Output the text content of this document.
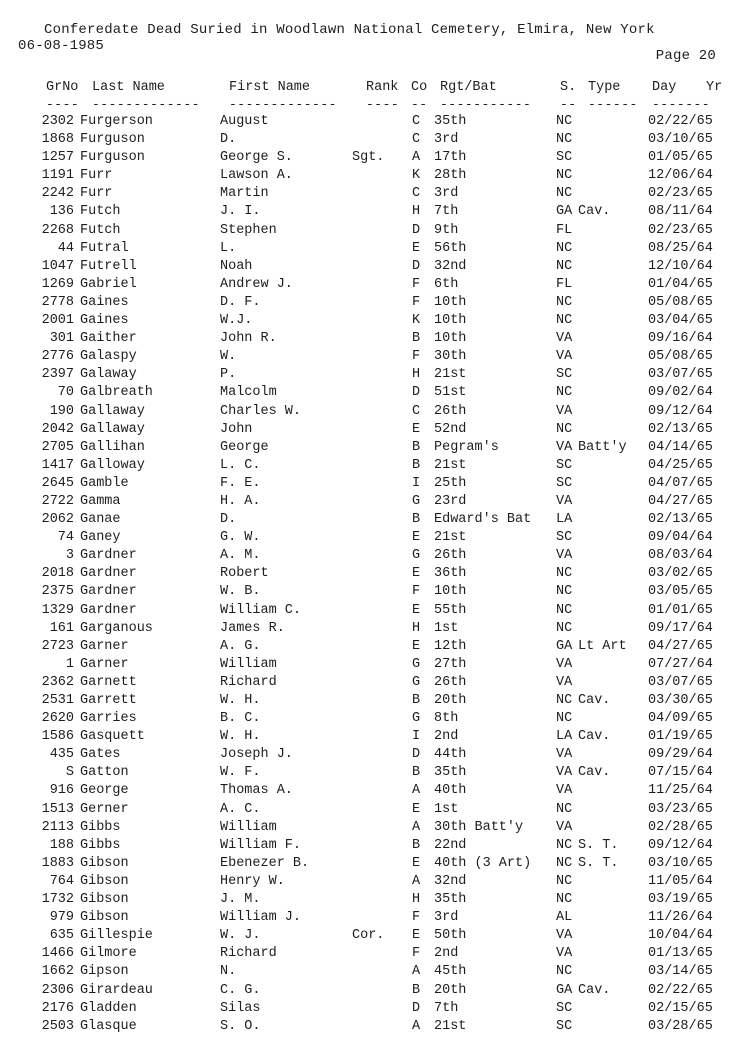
Conferedate Dead Suried in Woodlawn National Cemetery, Elmira, New York
06-08-1985
Page 20
GrNo Last Name	First Name	Rank Co Rgt/Bat	S. Type Day Yr
---- ------------- ------------- ---- -- ----------- -- ------ -------
2302 Furgerson	August	C 35th	NC	02/22/65
1868 Furguson	D.	C 3rd	NC	03/10/65
1257 Furguson	George S.	Sgt. A 17th	SC	01/05/65
1191 Furr	Lawson A.	K 28th	NC	12/06/64
2242 Furr	Martin	C 3rd	NC	02/23/65
136 Futch	J. I.	H 7th	GA Cav.	08/11/64
2268 Futch	Stephen	D 9th	FL	02/23/65
44 Futral	L.	E 56th	NC	08/25/64
1047 Futrell	Noah	D 32nd	NC	12/10/64
1269 Gabriel	Andrew J.	F 6th	FL	01/04/65
2778 Gaines	D. F.	F 10th	NC	05/08/65
2001 Gaines	W.J.	K 10th	NC	03/04/65
301 Gaither	John R.	B 10th	VA	09/16/64
2776 Galaspy	W.	F 30th	VA	05/08/65
2397 Galaway	P.	H 21st	SC	03/07/65
70 Galbreath	Malcolm	D 51st	NC	09/02/64
190 Gallaway	Charles W.	C 26th	VA	09/12/64
2042 Gallaway	John	E 52nd	NC	02/13/65
2705 Gallihan	George	B Pegram's	VA Batt'y 04/14/65
1417 Galloway	L. C.	B 21st	SC	04/25/65
2645 Gamble	F. E.	I 25th	SC	04/07/65
2722 Gamma	H. A.	G 23rd	VA	04/27/65
2062 Ganae	D.	B Edward's Bat LA	02/13/65
74 Ganey	G. W.	E 21st	SC	09/04/64
3 Gardner	A. M.	G 26th	VA	08/03/64
2018 Gardner	Robert	E 36th	NC	03/02/65
2375 Gardner	W. B.	F 10th	NC	03/05/65
1329 Gardner	William C.	E 55th	NC	01/01/65
161 Garganous	James R.	H 1st	NC	09/17/64
2723 Garner	A. G.	E 12th	GA Lt Art 04/27/65
1 Garner	William	G 27th	VA	07/27/64
2362 Garnett	Richard	G 26th	VA	03/07/65
2531 Garrett	W. H.	B 20th	NC Cav.	03/30/65
2620 Garries	B. C.	G 8th	NC	04/09/65
1586 Gasquett	W. H.	I 2nd	LA Cav.	01/19/65
435 Gates	Joseph J.	D 44th	VA	09/29/64
S Gatton	W. F.	B 35th	VA Cav.	07/15/64
916 George	Thomas A.	A 40th	VA	11/25/64
1513 Gerner	A. C.	E 1st	NC	03/23/65
2113 Gibbs	William	A 30th Batt'y VA	02/28/65
188 Gibbs	William F.	B 22nd	NC S. T. 09/12/64
1883 Gibson	Ebenezer B.	E 40th (3 Art) NC S. T. 03/10/65
764 Gibson	Henry W.	A 32nd	NC	11/05/64
1732 Gibson	J. M.	H 35th	NC	03/19/65
979 Gibson	William J.	F 3rd	AL	11/26/64
635 Gillespie	W. J.	Cor. E 50th	VA	10/04/64
1466 Gilmore	Richard	F 2nd	VA	01/13/65
1662 Gipson	N.	A 45th	NC	03/14/65
2306 Girardeau	C. G.	B 20th	GA Cav.	02/22/65
2176 Gladden	Silas	D 7th	SC	02/15/65
2503 Glasque	S. O.	A 21st	SC	03/28/65
